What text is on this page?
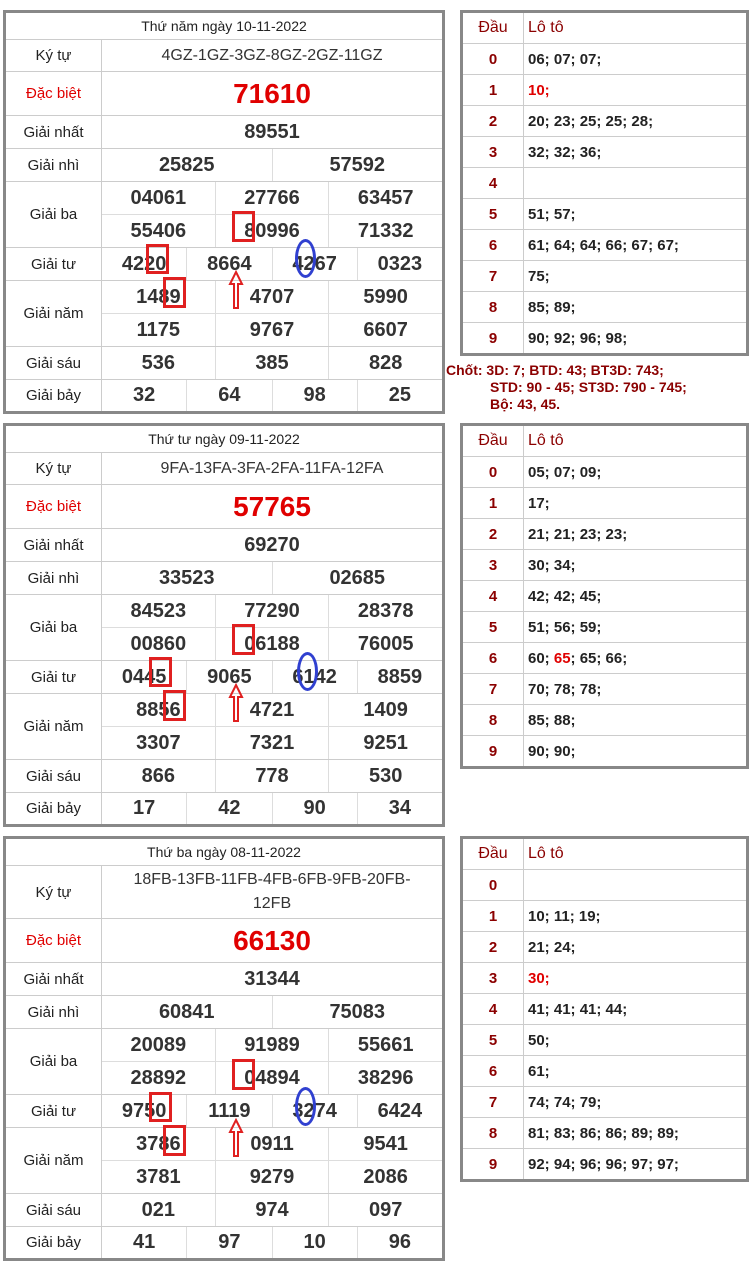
Thứ năm ngày 10-11-2022
Ký tự	4GZ-1GZ-3GZ-8GZ-2GZ-11GZ
Đặc biệt	71610
Giải nhất	89551
Giải nhì	25825	57592
Giải ba
04061	27766	63457
55406	80996	71332
Giải tư	4220	8664	4267	0323
Giải năm
1489	4707	5990
1175	9767	6607
Giải sáu	536	385	828
Giải bảy	32	64	98	25
Đầu	Lô tô
0	06; 07; 07;
1	10;
2	20; 23; 25; 25; 28;
3	32; 32; 36;
4
5	51; 57;
6	61; 64; 64; 66; 67; 67;
7	75;
8	85; 89;
9	90; 92; 96; 98;
Chốt: 3D: 7; BTD: 43; BT3D: 743;
STD: 90 - 45; ST3D: 790 - 745;
Bộ: 43, 45.
Thứ tư ngày 09-11-2022
Ký tự	9FA-13FA-3FA-2FA-11FA-12FA
Đặc biệt	57765
Giải nhất	69270
Giải nhì	33523	02685
Giải ba
84523	77290	28378
00860	06188	76005
Giải tư	0445	9065	6142	8859
Giải năm
8856	4721	1409
3307	7321	9251
Giải sáu	866	778	530
Giải bảy	17	42	90	34
Đầu	Lô tô
0	05; 07; 09;
1	17;
2	21; 21; 23; 23;
3	30; 34;
4	42; 42; 45;
5	51; 56; 59;
6	60; 65 ; 65; 66;
7	70; 78; 78;
8	85; 88;
9	90; 90;
Thứ ba ngày 08-11-2022
Ký tự
18FB-13FB-11FB-4FB-6FB-9FB-20FB-12FB
Đặc biệt	66130
Giải nhất	31344
Giải nhì	60841	75083
Giải ba
20089	91989	55661
28892	04894	38296
Giải tư	9750	1119	3274	6424
Giải năm
3786	0911	9541
3781	9279	2086
Giải sáu	021	974	097
Giải bảy	41	97	10	96
Đầu	Lô tô
0
1	10; 11; 19;
2	21; 24;
3	30;
4	41; 41; 41; 44;
5	50;
6	61;
7	74; 74; 79;
8	81; 83; 86; 86; 89; 89;
9	92; 94; 96; 96; 97; 97;
